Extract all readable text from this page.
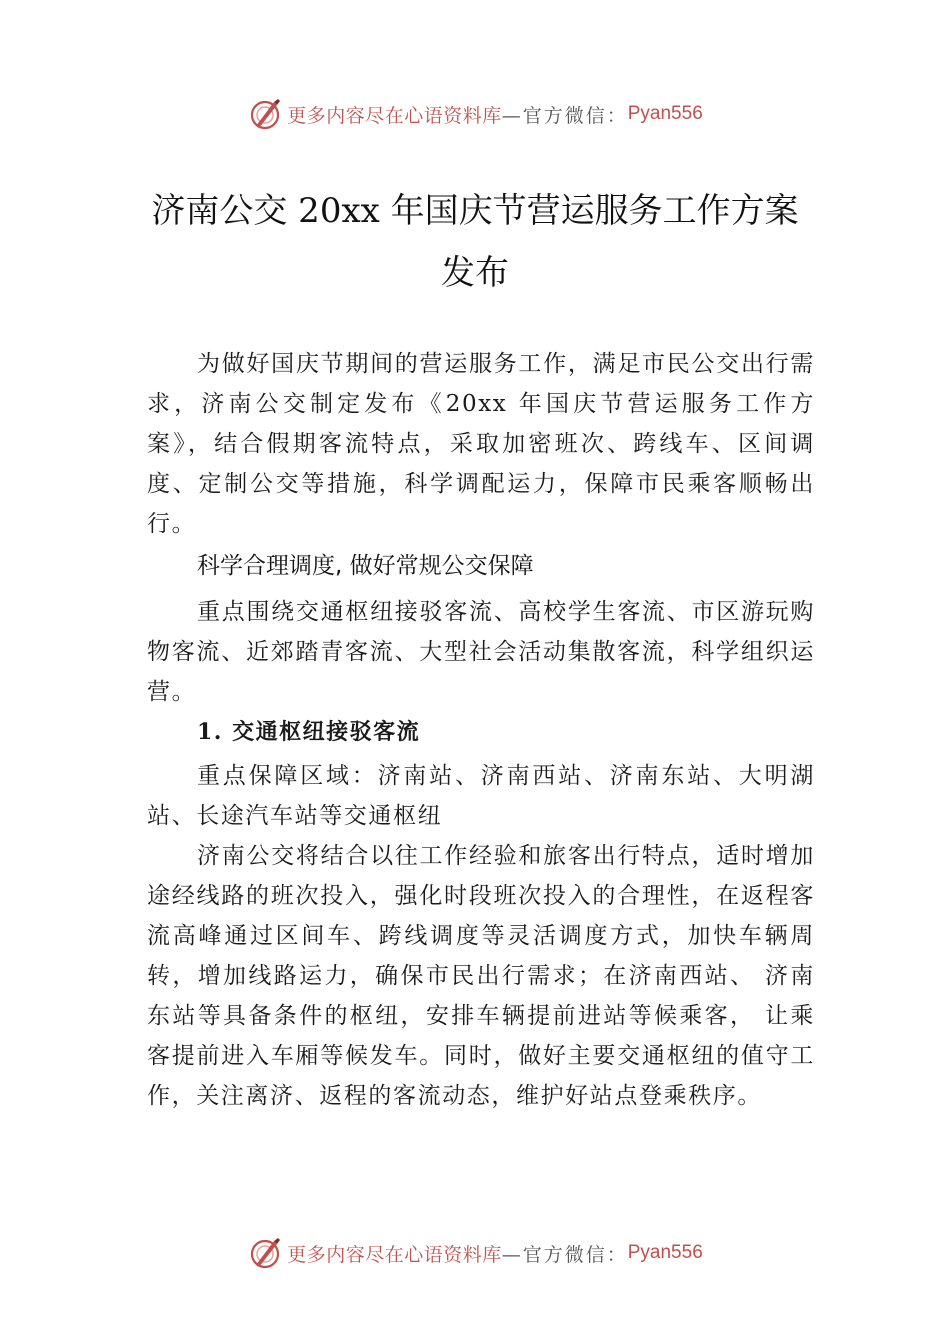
更多内容尽在心语资料库 —官方微信： Pyan556
济南公交 20xx 年国庆节营运服务工作方案
发布

为做好国庆节期间的营运服务工作，满足市民公交出行需求，济南公交制定发布《20xx 年国庆节营运服务工作方案》，结合假期客流特点，采取加密班次、跨线车、区间调度、定制公交等措施，科学调配运力，保障市民乘客顺畅出行。

科学合理调度, 做好常规公交保障

重点围绕交通枢纽接驳客流、高校学生客流、市区游玩购物客流、近郊踏青客流、大型社会活动集散客流，科学组织运营。

1. 交通枢纽接驳客流

重点保障区域：济南站、济南西站、济南东站、大明湖站、长途汽车站等交通枢纽

济南公交将结合以往工作经验和旅客出行特点，适时增加途经线路的班次投入，强化时段班次投入的合理性，在返程客流高峰通过区间车、跨线调度等灵活调度方式，加快车辆周转，增加线路运力，确保市民出行需求；在济南西站、 济南东站等具备条件的枢纽，安排车辆提前进站等候乘客， 让乘客提前进入车厢等候发车。同时，做好主要交通枢纽的值守工作，关注离济、返程的客流动态，维护好站点登乘秩序。

更多内容尽在心语资料库 —官方微信： Pyan556
